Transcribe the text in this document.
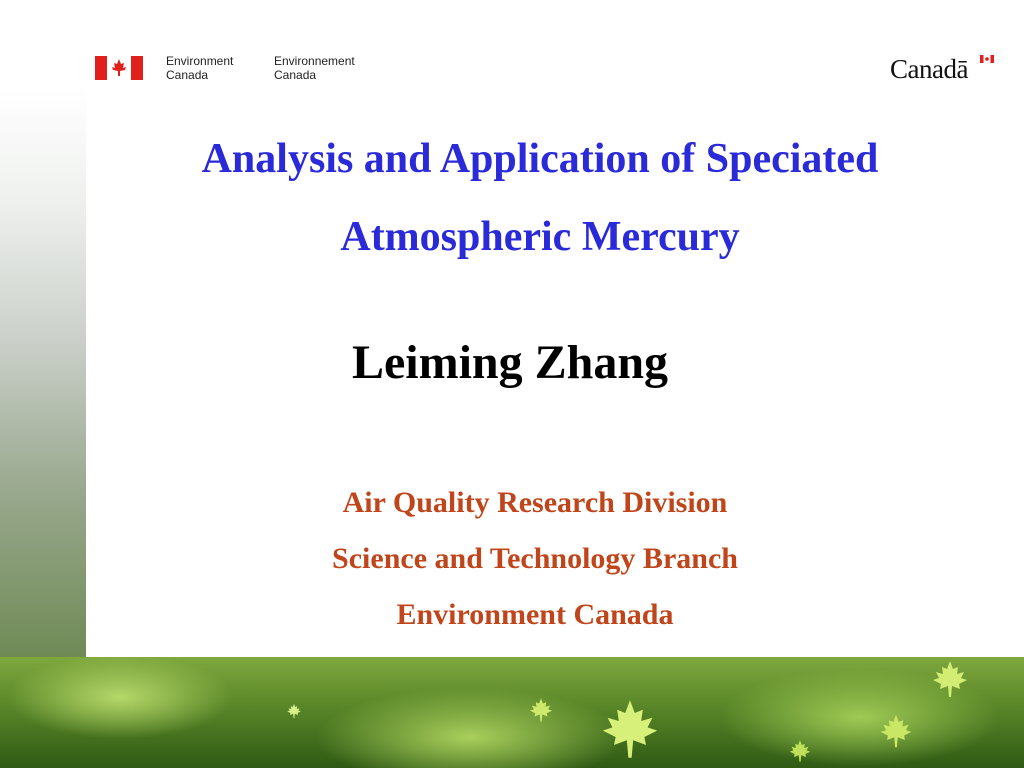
Environment
Canada
Environnement
Canada	Canadā
Analysis and Application of Speciated
Atmospheric Mercury
Leiming Zhang
Air Quality Research Division
Science and Technology Branch
Environment Canada
